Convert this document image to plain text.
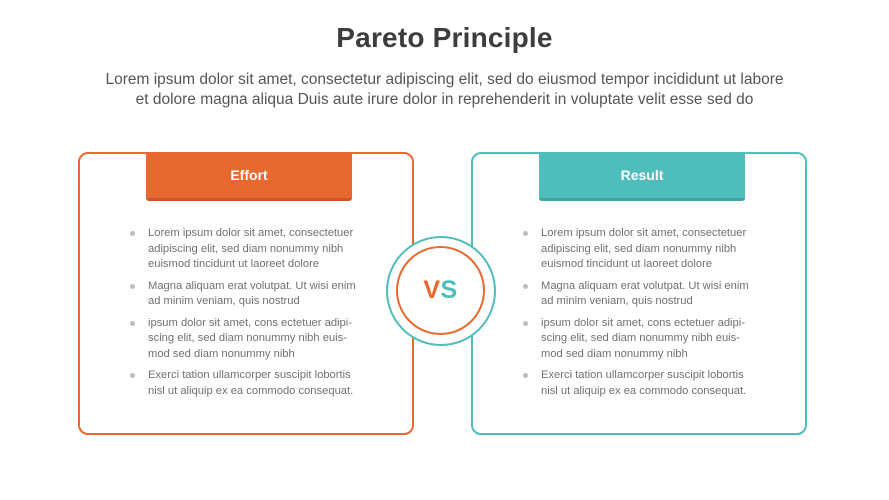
Pareto Principle
Lorem ipsum dolor sit amet, consectetur adipiscing elit, sed do eiusmod tempor incididunt ut labore
et dolore magna aliqua Duis aute irure dolor in reprehenderit in voluptate velit esse sed do
Effort
Lorem ipsum dolor sit amet, consectetuer adipiscing elit, sed diam nonummy nibh euismod tincidunt ut laoreet dolore
Magna aliquam erat volutpat. Ut wisi enim ad minim veniam, quis nostrud
ipsum dolor sit amet, cons ectetuer adipi-scing elit, sed diam nonummy nibh euis-mod sed diam nonummy nibh
Exerci tation ullamcorper suscipit lobortis nisl ut aliquip ex ea commodo consequat.
Result
Lorem ipsum dolor sit amet, consectetuer adipiscing elit, sed diam nonummy nibh euismod tincidunt ut laoreet dolore
Magna aliquam erat volutpat. Ut wisi enim ad minim veniam, quis nostrud
ipsum dolor sit amet, cons ectetuer adipi-scing elit, sed diam nonummy nibh euis-mod sed diam nonummy nibh
Exerci tation ullamcorper suscipit lobortis nisl ut aliquip ex ea commodo consequat.
VS
